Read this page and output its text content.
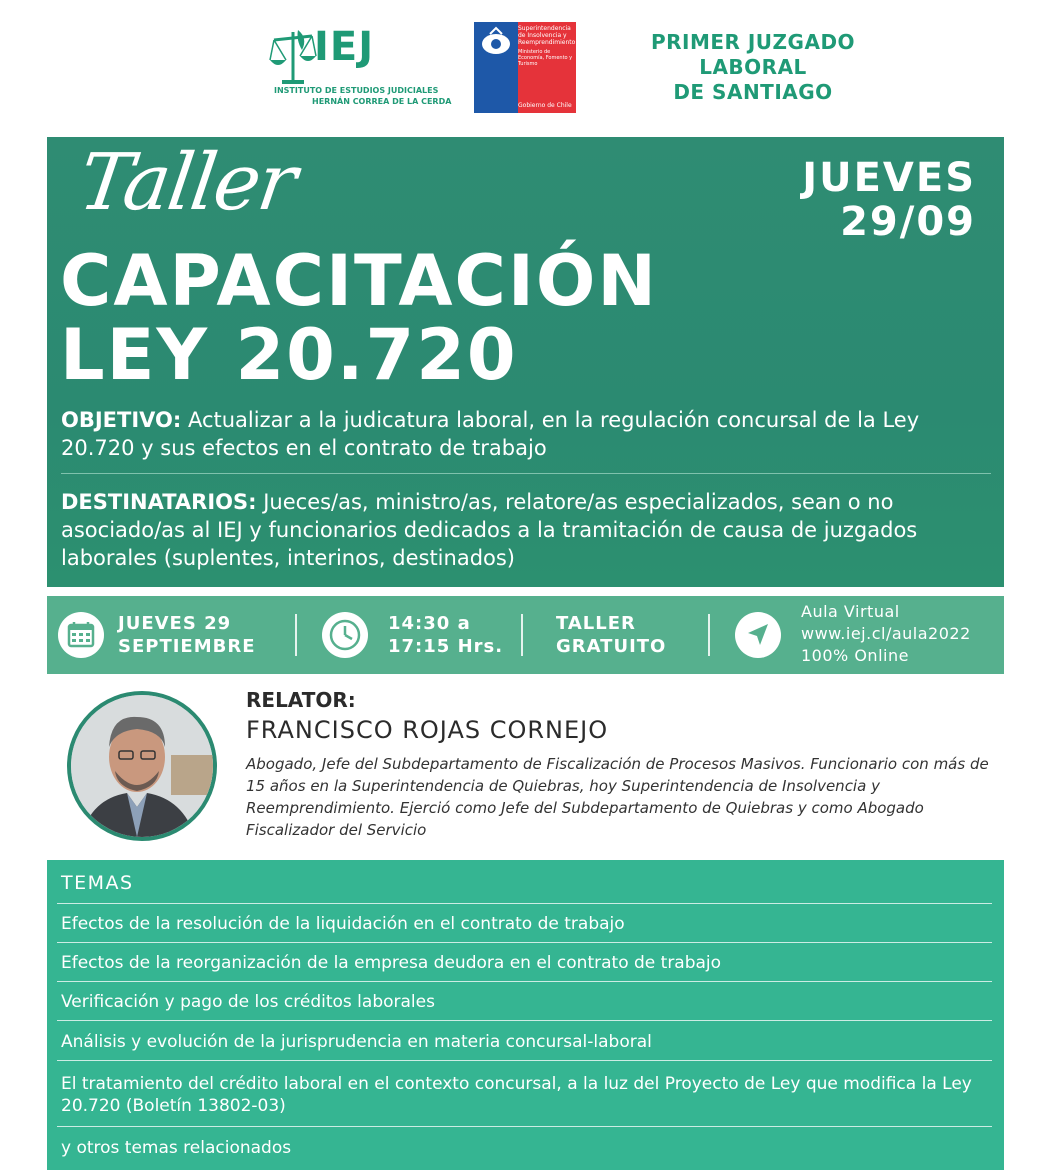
IEJ
INSTITUTO DE ESTUDIOS JUDICIALES
HERNÁN CORREA DE LA CERDA
Superintendencia de Insolvencia y Reemprendimiento
Ministerio de Economía, Fomento y Turismo
Gobierno de Chile
PRIMER JUZGADO
LABORAL
DE SANTIAGO
Taller	JUEVES
29/09
CAPACITACIÓN
LEY 20.720
OBJETIVO: Actualizar a la judicatura laboral, en la regulación concursal de la Ley 20.720 y sus efectos en el contrato de trabajo
DESTINATARIOS: Jueces/as, ministro/as, relatore/as especializados, sean o no asociado/as al IEJ y funcionarios dedicados a la tramitación de causa de juzgados laborales (suplentes, interinos, destinados)
JUEVES 29
SEPTIEMBRE
14:30 a
17:15 Hrs.
TALLER
GRATUITO
Aula Virtual
www.iej.cl/aula2022
100% Online
RELATOR:
FRANCISCO ROJAS CORNEJO
Abogado, Jefe del Subdepartamento de Fiscalización de Procesos Masivos. Funcionario con más de 15 años en la Superintendencia de Quiebras, hoy Superintendencia de Insolvencia y Reemprendimiento. Ejerció como Jefe del Subdepartamento de Quiebras y como Abogado Fiscalizador del Servicio
TEMAS
Efectos de la resolución de la liquidación en el contrato de trabajo
Efectos de la reorganización de la empresa deudora en el contrato de trabajo
Verificación y pago de los créditos laborales
Análisis y evolución de la jurisprudencia en materia concursal-laboral
El tratamiento del crédito laboral en el contexto concursal, a la luz del Proyecto de Ley que modifica la Ley 20.720 (Boletín 13802-03)
y otros temas relacionados
